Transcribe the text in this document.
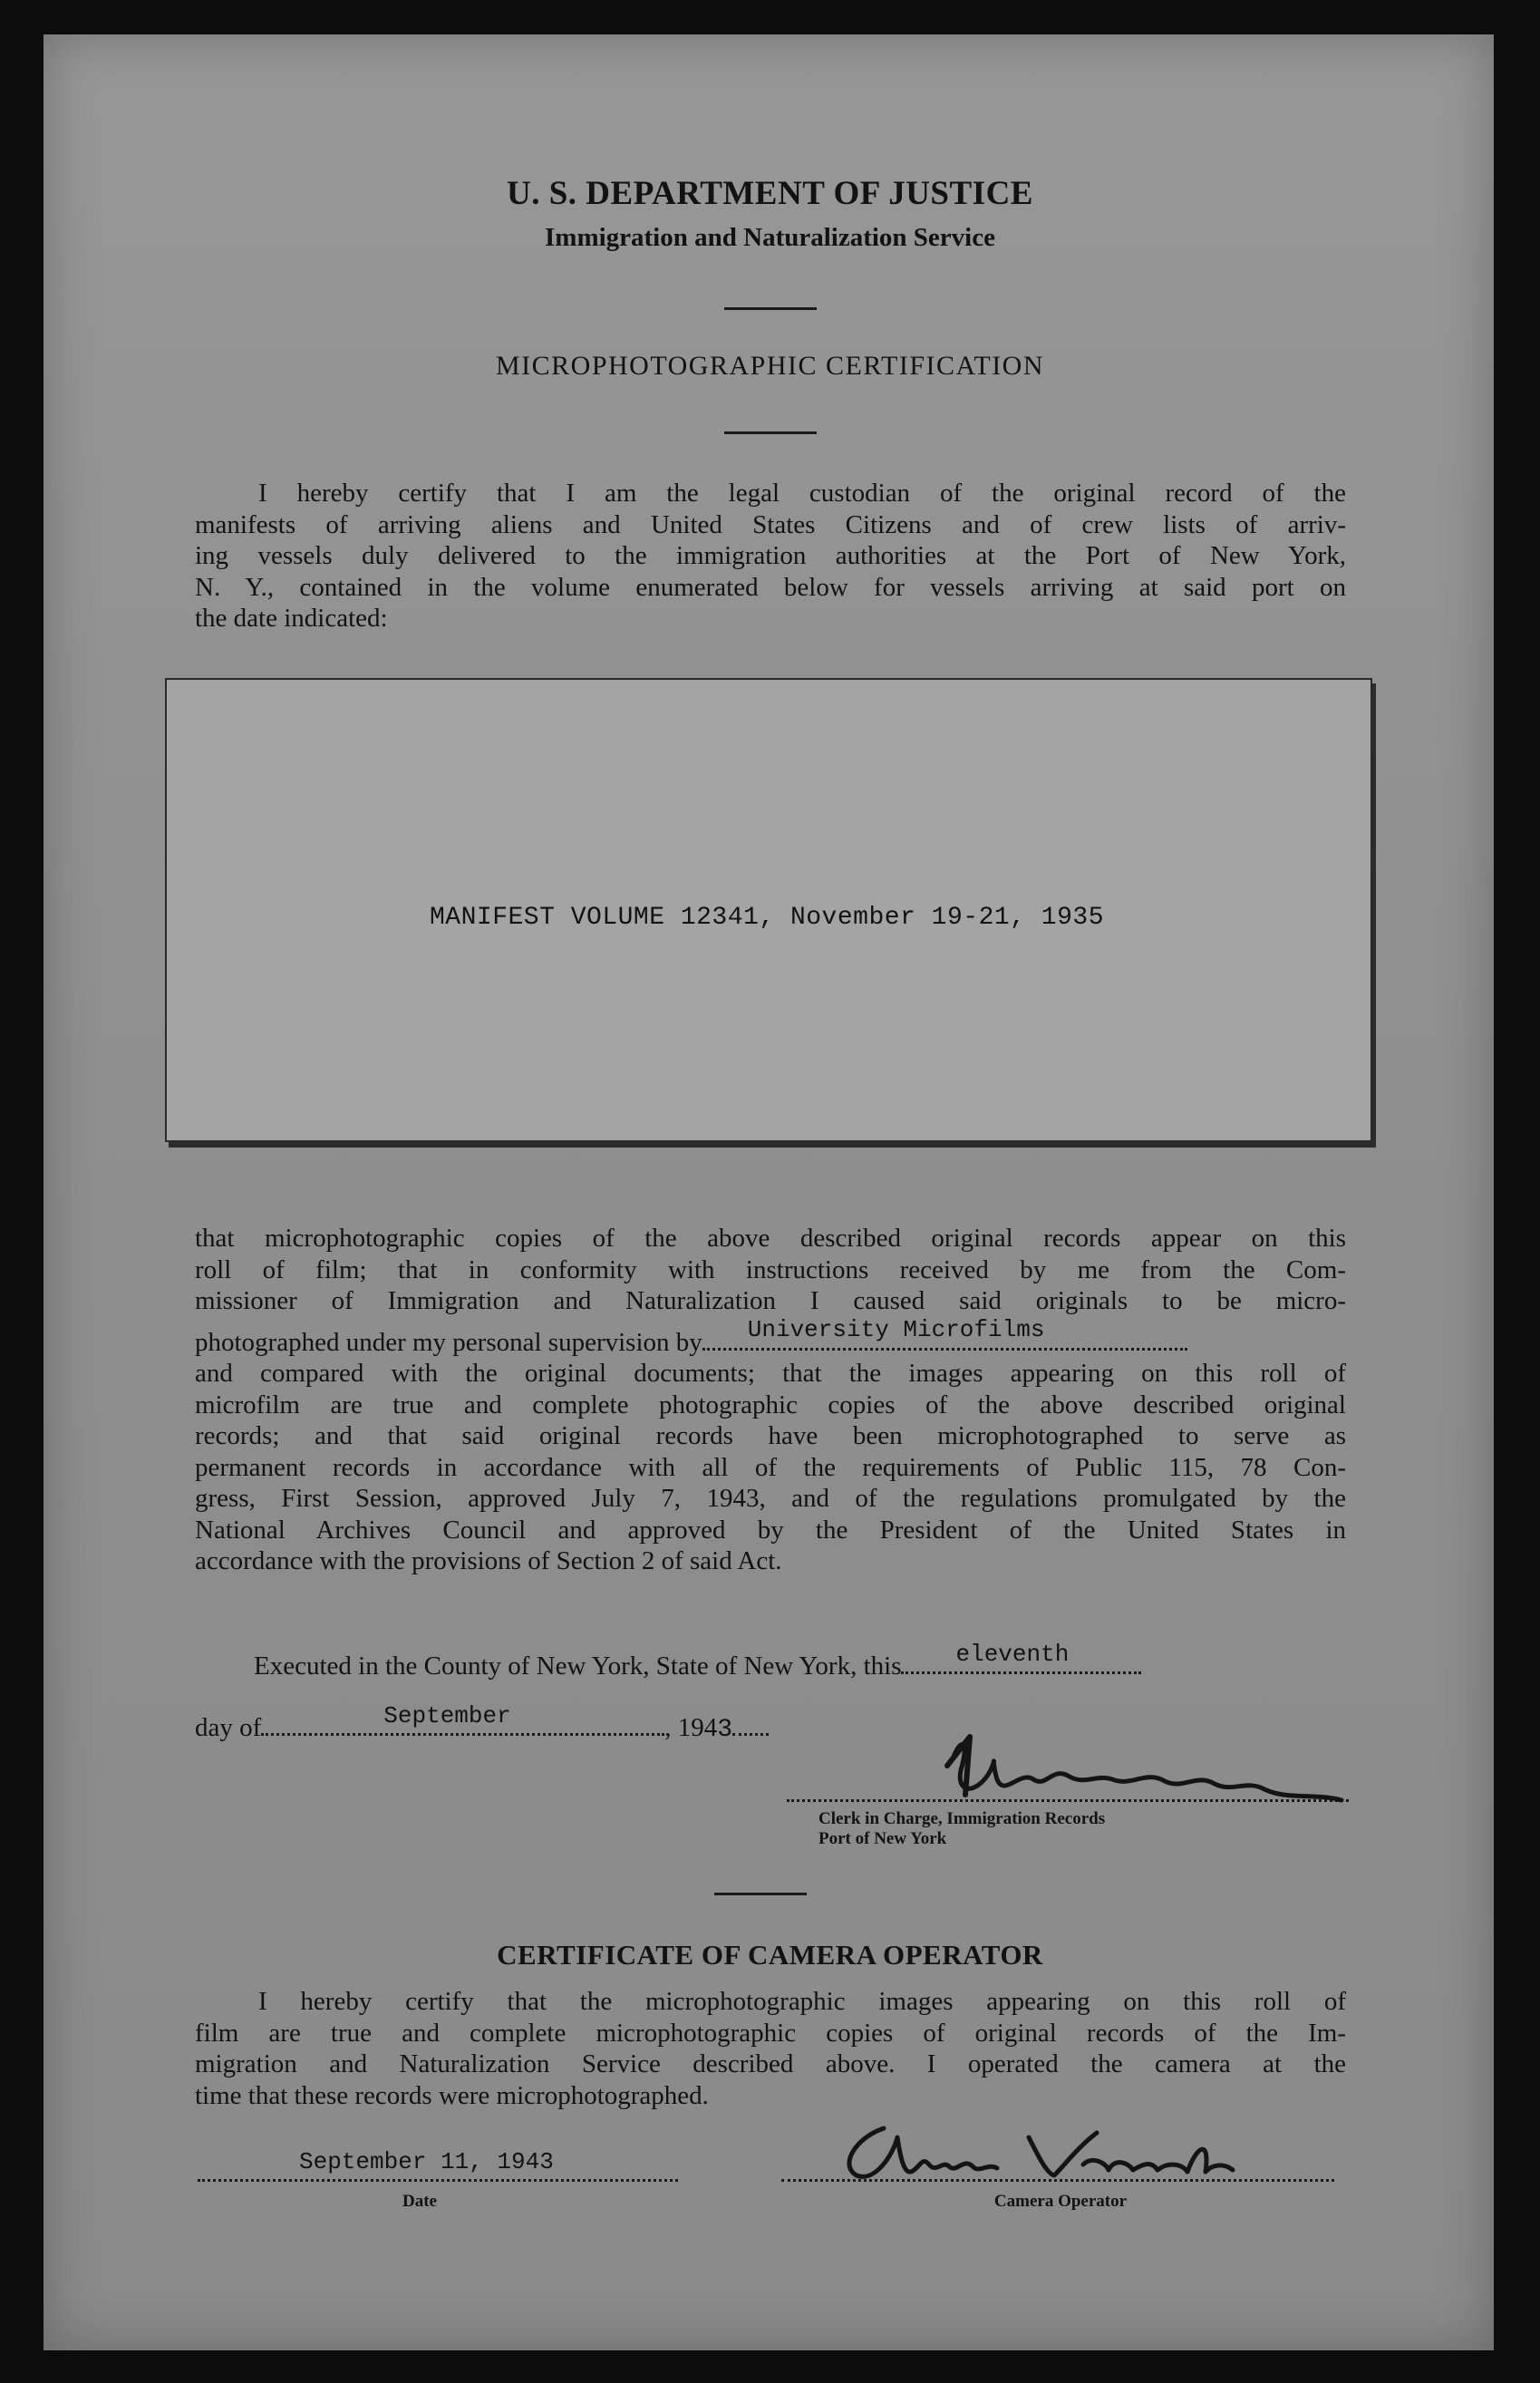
U. S. DEPARTMENT OF JUSTICE
Immigration and Naturalization Service
MICROPHOTOGRAPHIC CERTIFICATION

I hereby certify that I am the legal custodian of the original record of the

manifests of arriving aliens and United States Citizens and of crew lists of arriv-

ing vessels duly delivered to the immigration authorities at the Port of New York,

N. Y., contained in the volume enumerated below for vessels arriving at said port on

the date indicated:

MANIFEST VOLUME 12341, November 19-21, 1935

that microphotographic copies of the above described original records appear on this

roll of film; that in conformity with instructions received by me from the Com-

missioner of Immigration and Naturalization I caused said originals to be micro-

photographed under my personal supervision by University Microfilms

and compared with the original documents; that the images appearing on this roll of

microfilm are true and complete photographic copies of the above described original

records; and that said original records have been microphotographed to serve as

permanent records in accordance with all of the requirements of Public 115, 78 Con-

gress, First Session, approved July 7, 1943, and of the regulations promulgated by the

National Archives Council and approved by the President of the United States in

accordance with the provisions of Section 2 of said Act.

Executed in the County of New York, State of New York, this eleventh
day of	September	, 1943
Clerk in Charge, Immigration Records
Port of New York
CERTIFICATE OF CAMERA OPERATOR

I hereby certify that the microphotographic images appearing on this roll of

film are true and complete microphotographic copies of original records of the Im-

migration and Naturalization Service described above. I operated the camera at the

time that these records were microphotographed.

September 11, 1943
Date	Camera Operator
